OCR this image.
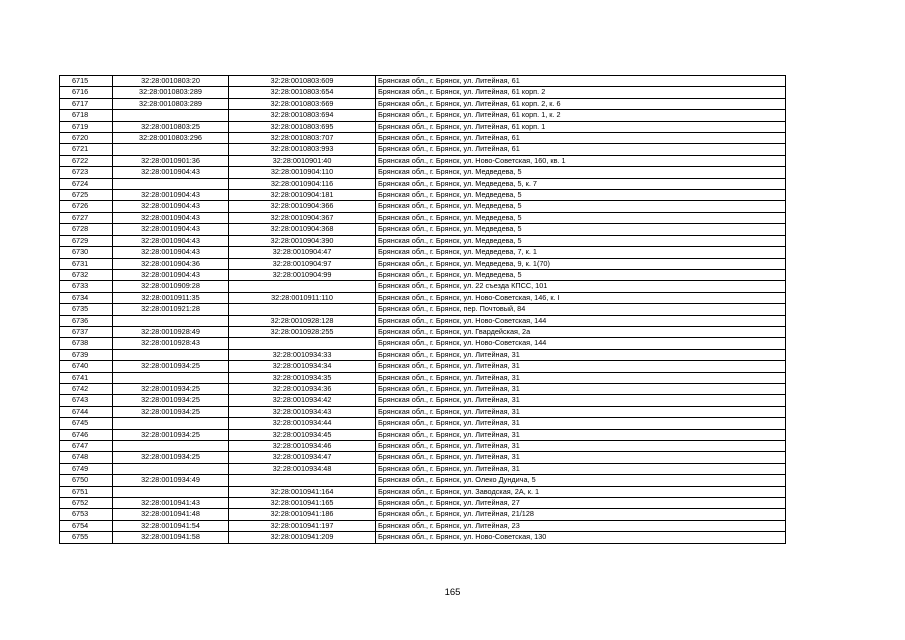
6715	32:28:0010803:20	32:28:0010803:609	Брянская обл., г. Брянск, ул. Литейная, 61
6716	32:28:0010803:289	32:28:0010803:654	Брянская обл., г. Брянск, ул. Литейная, 61 корп. 2
6717	32:28:0010803:289	32:28:0010803:669	Брянская обл., г. Брянск, ул. Литейная, 61 корп. 2, к. 6
6718		32:28:0010803:694	Брянская обл., г. Брянск, ул. Литейная, 61 корп. 1, к. 2
6719	32:28:0010803:25	32:28:0010803:695	Брянская обл., г. Брянск, ул. Литейная, 61 корп. 1
6720	32:28:0010803:296	32:28:0010803:707	Брянская обл., г. Брянск, ул. Литейная, 61
6721		32:28:0010803:993	Брянская обл., г. Брянск, ул. Литейная, 61
6722	32:28:0010901:36	32:28:0010901:40	Брянская обл., г. Брянск, ул. Ново-Советская, 160, кв. 1
6723	32:28:0010904:43	32:28:0010904:110	Брянская обл., г. Брянск, ул. Медведева, 5
6724		32:28:0010904:116	Брянская обл., г. Брянск, ул. Медведева, 5, к. 7
6725	32:28:0010904:43	32:28:0010904:181	Брянская обл., г. Брянск, ул. Медведева, 5
6726	32:28:0010904:43	32:28:0010904:366	Брянская обл., г. Брянск, ул. Медведева, 5
6727	32:28:0010904:43	32:28:0010904:367	Брянская обл., г. Брянск, ул. Медведева, 5
6728	32:28:0010904:43	32:28:0010904:368	Брянская обл., г. Брянск, ул. Медведева, 5
6729	32:28:0010904:43	32:28:0010904:390	Брянская обл., г. Брянск, ул. Медведева, 5
6730	32:28:0010904:43	32:28:0010904:47	Брянская обл., г. Брянск, ул. Медведева, 7, к. 1
6731	32:28:0010904:36	32:28:0010904:97	Брянская обл., г. Брянск, ул. Медведева, 9, к. 1(70)
6732	32:28:0010904:43	32:28:0010904:99	Брянская обл., г. Брянск, ул. Медведева, 5
6733	32:28:0010909:28		Брянская обл., г. Брянск, ул. 22 съезда КПСС, 101
6734	32:28:0010911:35	32:28:0010911:110	Брянская обл., г. Брянск, ул. Ново-Советская, 146, к. I
6735	32:28:0010921:28		Брянская обл., г. Брянск, пер. Почтовый, 84
6736		32:28:0010928:128	Брянская обл., г. Брянск, ул. Ново-Советская, 144
6737	32:28:0010928:49	32:28:0010928:255	Брянская обл., г. Брянск, ул. Гвардейская, 2а
6738	32:28:0010928:43		Брянская обл., г. Брянск, ул. Ново-Советская, 144
6739		32:28:0010934:33	Брянская обл., г. Брянск, ул. Литейная, 31
6740	32:28:0010934:25	32:28:0010934:34	Брянская обл., г. Брянск, ул. Литейная, 31
6741		32:28:0010934:35	Брянская обл., г. Брянск, ул. Литейная, 31
6742	32:28:0010934:25	32:28:0010934:36	Брянская обл., г. Брянск, ул. Литейная, 31
6743	32:28:0010934:25	32:28:0010934:42	Брянская обл., г. Брянск, ул. Литейная, 31
6744	32:28:0010934:25	32:28:0010934:43	Брянская обл., г. Брянск, ул. Литейная, 31
6745		32:28:0010934:44	Брянская обл., г. Брянск, ул. Литейная, 31
6746	32:28:0010934:25	32:28:0010934:45	Брянская обл., г. Брянск, ул. Литейная, 31
6747		32:28:0010934:46	Брянская обл., г. Брянск, ул. Литейная, 31
6748	32:28:0010934:25	32:28:0010934:47	Брянская обл., г. Брянск, ул. Литейная, 31
6749		32:28:0010934:48	Брянская обл., г. Брянск, ул. Литейная, 31
6750	32:28:0010934:49		Брянская обл., г. Брянск, ул. Олеко Дундича, 5
6751		32:28:0010941:164	Брянская обл., г. Брянск, ул. Заводская, 2А, к. 1
6752	32:28:0010941:43	32:28:0010941:165	Брянская обл., г. Брянск, ул. Литейная, 27
6753	32:28:0010941:48	32:28:0010941:186	Брянская обл., г. Брянск, ул. Литейная, 21/128
6754	32:28:0010941:54	32:28:0010941:197	Брянская обл., г. Брянск, ул. Литейная, 23
6755	32:28:0010941:58	32:28:0010941:209	Брянская обл., г. Брянск, ул. Ново-Советская, 130
165
